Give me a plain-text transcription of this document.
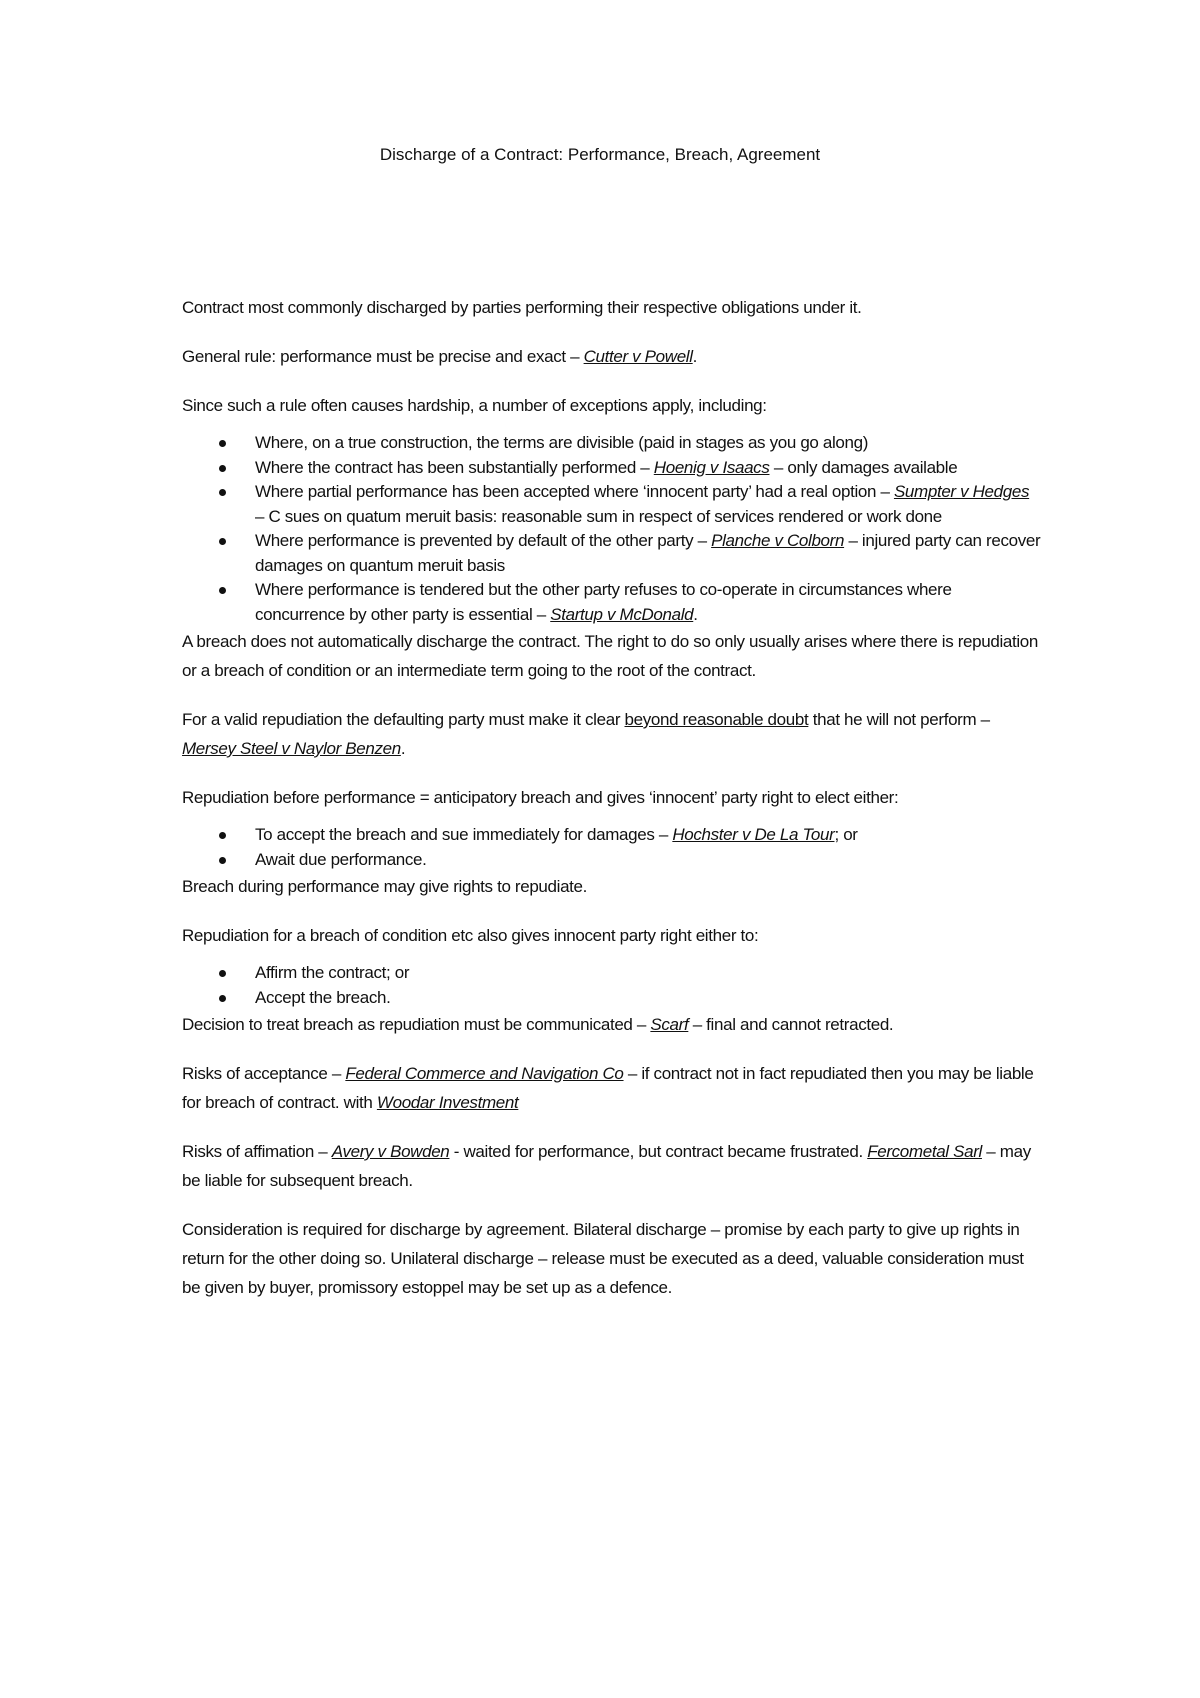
Discharge of a Contract: Performance, Breach, Agreement

Contract most commonly discharged by parties performing their respective obligations under it.

General rule: performance must be precise and exact – Cutter v Powell.

Since such a rule often causes hardship, a number of exceptions apply, including:

Where, on a true construction, the terms are divisible (paid in stages as you go along)
Where the contract has been substantially performed – Hoenig v Isaacs – only damages available
Where partial performance has been accepted where ‘innocent party’ had a real option – Sumpter v Hedges – C sues on quatum meruit basis: reasonable sum in respect of services rendered or work done
Where performance is prevented by default of the other party – Planche v Colborn – injured party can recover damages on quantum meruit basis
Where performance is tendered but the other party refuses to co-operate in circumstances where concurrence by other party is essential – Startup v McDonald.

A breach does not automatically discharge the contract. The right to do so only usually arises where there is repudiation or a breach of condition or an intermediate term going to the root of the contract.

For a valid repudiation the defaulting party must make it clear beyond reasonable doubt that he will not perform – Mersey Steel v Naylor Benzen.

Repudiation before performance = anticipatory breach and gives ‘innocent’ party right to elect either:

To accept the breach and sue immediately for damages – Hochster v De La Tour; or
Await due performance.

Breach during performance may give rights to repudiate.

Repudiation for a breach of condition etc also gives innocent party right either to:

Affirm the contract; or
Accept the breach.

Decision to treat breach as repudiation must be communicated – Scarf – final and cannot retracted.

Risks of acceptance – Federal Commerce and Navigation Co – if contract not in fact repudiated then you may be liable for breach of contract. with Woodar Investment

Risks of affimation – Avery v Bowden - waited for performance, but contract became frustrated. Fercometal Sarl – may be liable for subsequent breach.

Consideration is required for discharge by agreement. Bilateral discharge – promise by each party to give up rights in return for the other doing so. Unilateral discharge – release must be executed as a deed, valuable consideration must be given by buyer, promissory estoppel may be set up as a defence.
